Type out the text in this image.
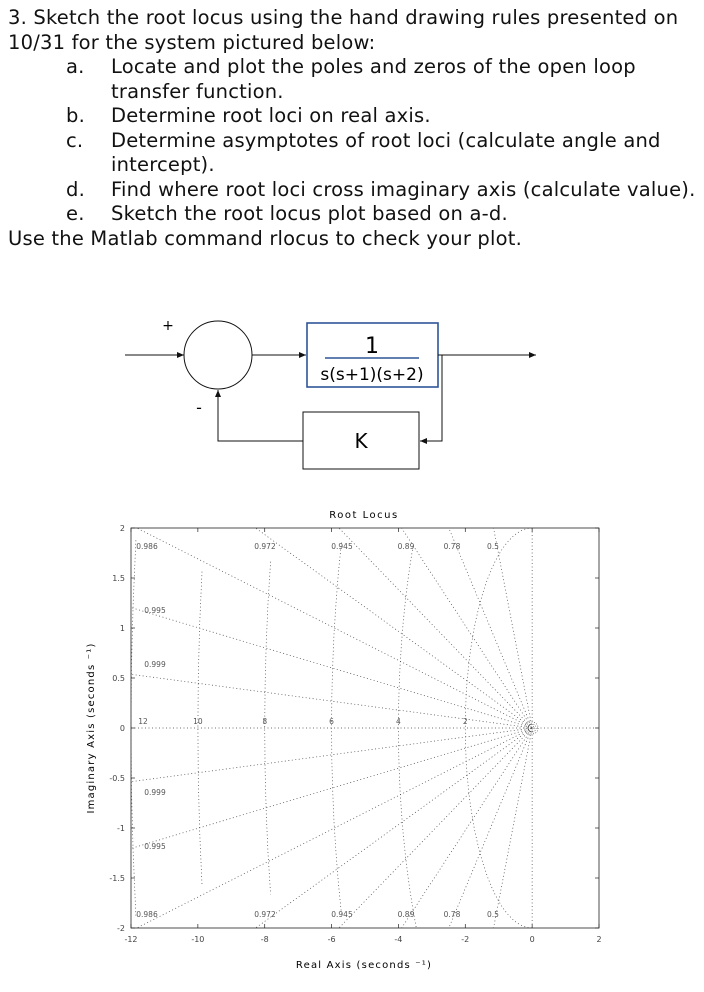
3. Sketch the root locus using the hand drawing rules presented on 10/31 for the system pictured below:

a. Locate and plot the poles and zeros of the open loop transfer function.
b. Determine root loci on real axis.
c. Determine asymptotes of root loci (calculate angle and intercept).
d. Find where root loci cross imaginary axis (calculate value).
e. Sketch the root locus plot based on a-d.

Use the Matlab command rlocus to check your plot.

+
-
1
s(s+1)(s+2)
K
Root Locus
0.986	0.972	0.945	0.89	0.78	0.5
0.986	0.972	0.945	0.89	0.78	0.5
0.995
0.999
0.999
0.995
12	10	8	6	4	2
-12	-10	-8	-6	-4	-2	0	2
-2
-1.5
-1
-0.5
0
0.5
1
1.5
2
Real Axis (seconds ⁻¹)
Imaginary Axis (seconds ⁻¹)
